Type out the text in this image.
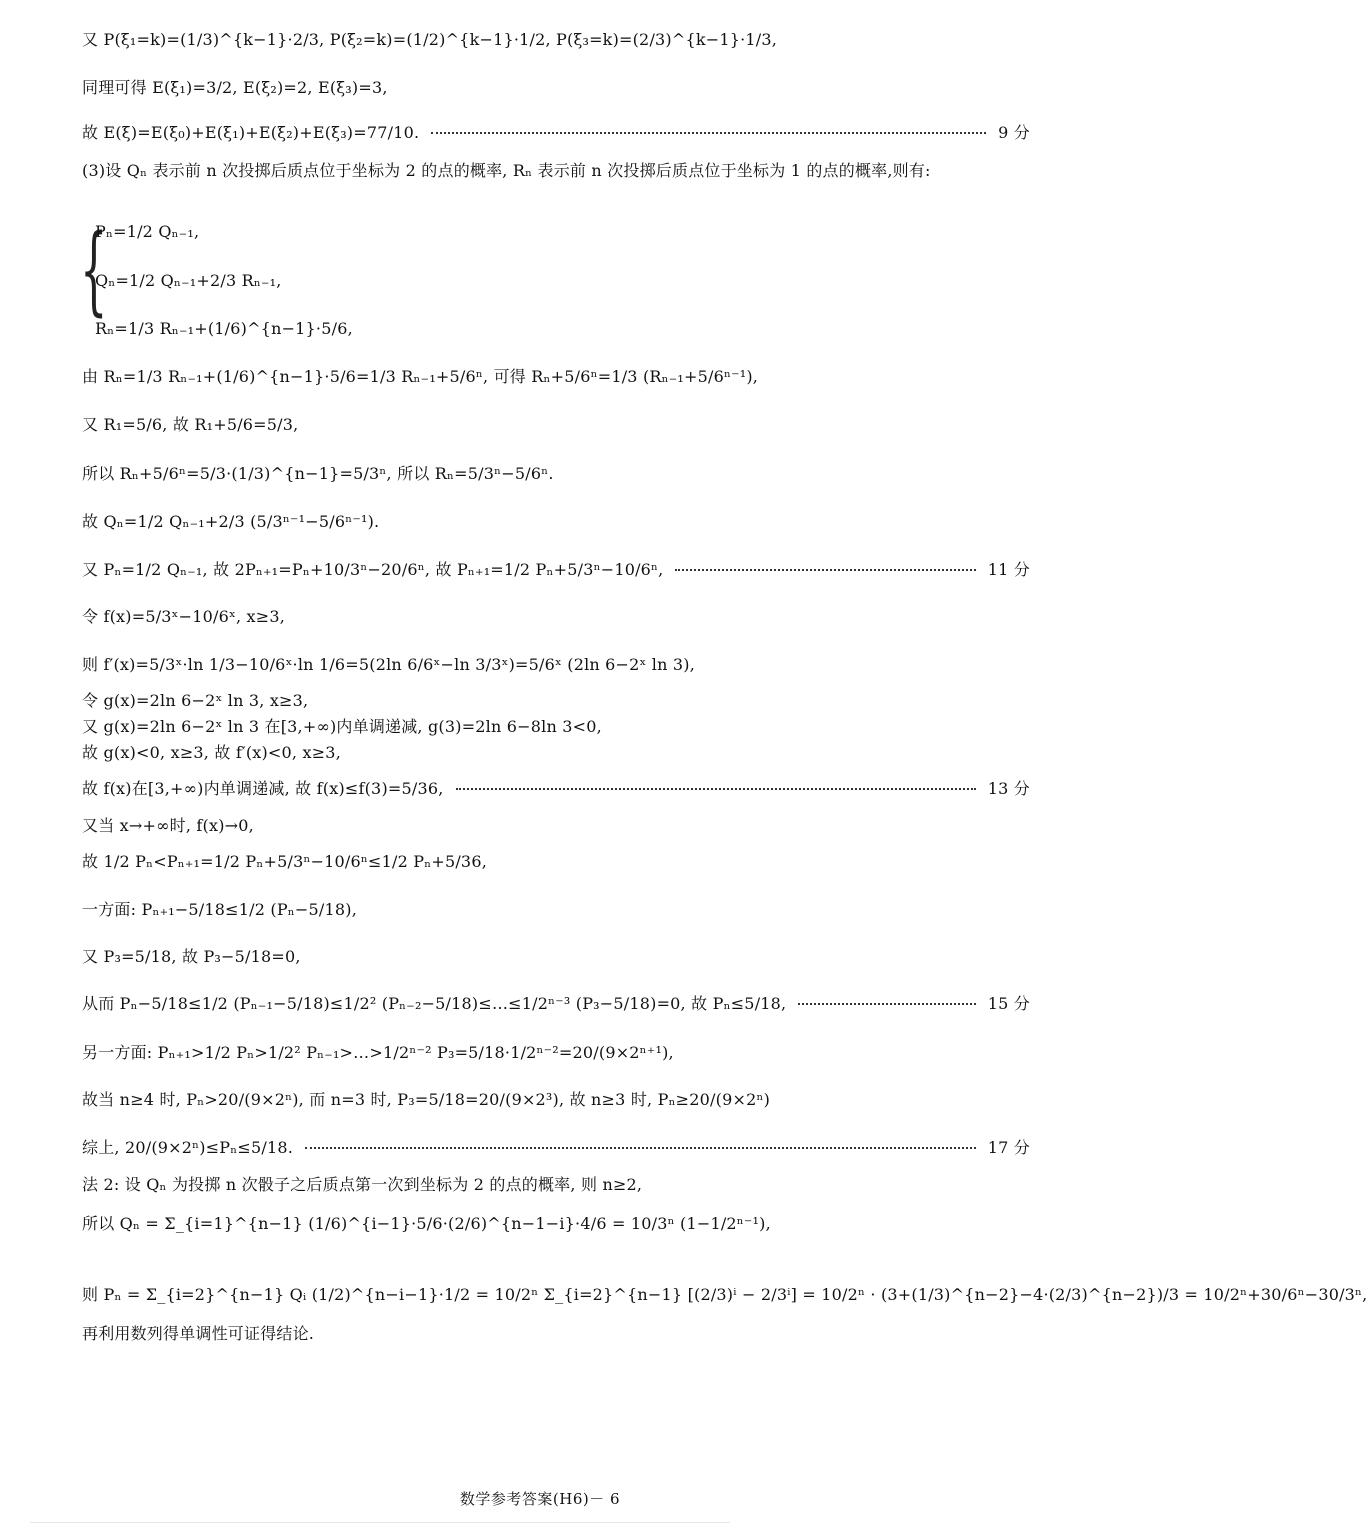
又 P(ξ₁=k)=(1/3)^{k−1}·2/3, P(ξ₂=k)=(1/2)^{k−1}·1/2, P(ξ₃=k)=(2/3)^{k−1}·1/3,
同理可得 E(ξ₁)=3/2, E(ξ₂)=2, E(ξ₃)=3,
故 E(ξ)=E(ξ₀)+E(ξ₁)+E(ξ₂)+E(ξ₃)=77/10.	9 分
(3)设 Qₙ 表示前 n 次投掷后质点位于坐标为 2 的点的概率, Rₙ 表示前 n 次投掷后质点位于坐标为 1 的点的概率,则有:
{
Pₙ=1/2 Qₙ₋₁,
Qₙ=1/2 Qₙ₋₁+2/3 Rₙ₋₁,
Rₙ=1/3 Rₙ₋₁+(1/6)^{n−1}·5/6,
由 Rₙ=1/3 Rₙ₋₁+(1/6)^{n−1}·5/6=1/3 Rₙ₋₁+5/6ⁿ, 可得 Rₙ+5/6ⁿ=1/3 (Rₙ₋₁+5/6ⁿ⁻¹),
又 R₁=5/6, 故 R₁+5/6=5/3,
所以 Rₙ+5/6ⁿ=5/3·(1/3)^{n−1}=5/3ⁿ, 所以 Rₙ=5/3ⁿ−5/6ⁿ.
故 Qₙ=1/2 Qₙ₋₁+2/3 (5/3ⁿ⁻¹−5/6ⁿ⁻¹).
又 Pₙ=1/2 Qₙ₋₁, 故 2Pₙ₊₁=Pₙ+10/3ⁿ−20/6ⁿ, 故 Pₙ₊₁=1/2 Pₙ+5/3ⁿ−10/6ⁿ,	11 分
令 f(x)=5/3ˣ−10/6ˣ, x≥3,
则 f′(x)=5/3ˣ·ln 1/3−10/6ˣ·ln 1/6=5(2ln 6/6ˣ−ln 3/3ˣ)=5/6ˣ (2ln 6−2ˣ ln 3),
令 g(x)=2ln 6−2ˣ ln 3, x≥3,
又 g(x)=2ln 6−2ˣ ln 3 在[3,+∞)内单调递减, g(3)=2ln 6−8ln 3<0,
故 g(x)<0, x≥3, 故 f′(x)<0, x≥3,
故 f(x)在[3,+∞)内单调递减, 故 f(x)≤f(3)=5/36,	13 分
又当 x→+∞时, f(x)→0,
故 1/2 Pₙ<Pₙ₊₁=1/2 Pₙ+5/3ⁿ−10/6ⁿ≤1/2 Pₙ+5/36,
一方面: Pₙ₊₁−5/18≤1/2 (Pₙ−5/18),
又 P₃=5/18, 故 P₃−5/18=0,
从而 Pₙ−5/18≤1/2 (Pₙ₋₁−5/18)≤1/2² (Pₙ₋₂−5/18)≤…≤1/2ⁿ⁻³ (P₃−5/18)=0, 故 Pₙ≤5/18,	15 分
另一方面: Pₙ₊₁>1/2 Pₙ>1/2² Pₙ₋₁>…>1/2ⁿ⁻² P₃=5/18·1/2ⁿ⁻²=20/(9×2ⁿ⁺¹),
故当 n≥4 时, Pₙ>20/(9×2ⁿ), 而 n=3 时, P₃=5/18=20/(9×2³), 故 n≥3 时, Pₙ≥20/(9×2ⁿ)
综上, 20/(9×2ⁿ)≤Pₙ≤5/18.	17 分
法 2: 设 Qₙ 为投掷 n 次骰子之后质点第一次到坐标为 2 的点的概率, 则 n≥2,
所以 Qₙ = Σ_{i=1}^{n−1} (1/6)^{i−1}·5/6·(2/6)^{n−1−i}·4/6 = 10/3ⁿ (1−1/2ⁿ⁻¹),
则 Pₙ = Σ_{i=2}^{n−1} Qᵢ (1/2)^{n−i−1}·1/2 = 10/2ⁿ Σ_{i=2}^{n−1} [(2/3)ⁱ − 2/3ⁱ] = 10/2ⁿ · (3+(1/3)^{n−2}−4·(2/3)^{n−2})/3 = 10/2ⁿ+30/6ⁿ−30/3ⁿ,
再利用数列得单调性可证得结论.
数学参考答案(H6)－ 6
